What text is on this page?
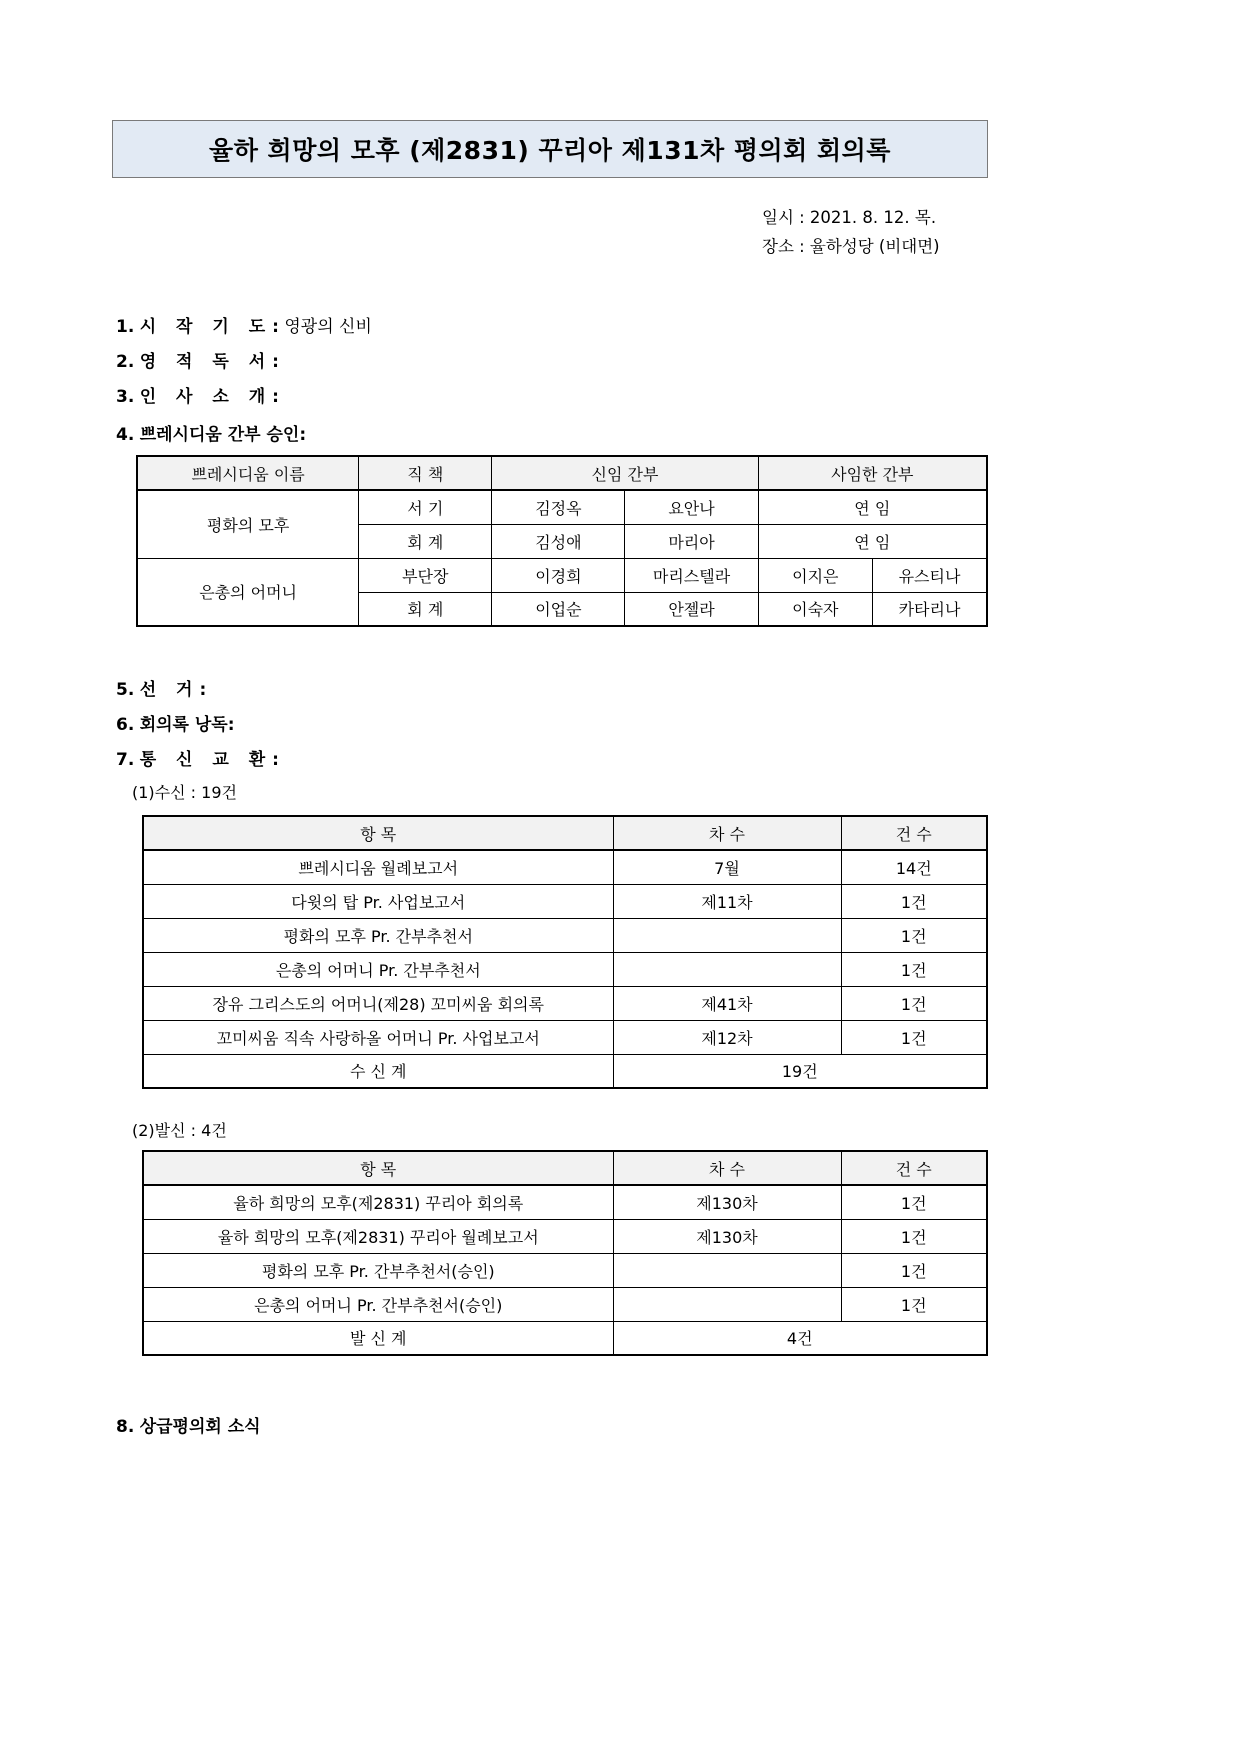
율하 희망의 모후 (제2831) 꾸리아 제131차 평의회 회의록
일시 : 2021. 8. 12. 목.
장소 : 율하성당 (비대면)
1. 시 작 기 도: 영광의 신비
2. 영 적 독 서:
3. 인 사 소 개:
4. 쁘레시디움 간부 승인:
쁘레시디움 이름	직 책	신임 간부		사임한 간부	
평화의 모후	서 기	김정옥	요안나	연 임	
	회 계	김성애	마리아	연 임	
은총의 어머니	부단장	이경희	마리스텔라	이지은	유스티나
	회 계	이업순	안젤라	이숙자	카타리나
5. 선 거:
6. 회의록 낭독:
7. 통 신 교 환:
(1)수신 : 19건
항 목	차 수	건 수
쁘레시디움 월례보고서	7월	14건
다윗의 탑 Pr. 사업보고서	제11차	1건
평화의 모후 Pr. 간부추천서		1건
은총의 어머니 Pr. 간부추천서		1건
장유 그리스도의 어머니(제28) 꼬미씨움 회의록	제41차	1건
꼬미씨움 직속 사랑하올 어머니 Pr. 사업보고서	제12차	1건
수 신 계	19건	
(2)발신 : 4건
항 목	차 수	건 수
율하 희망의 모후(제2831) 꾸리아 회의록	제130차	1건
율하 희망의 모후(제2831) 꾸리아 월례보고서	제130차	1건
평화의 모후 Pr. 간부추천서(승인)		1건
은총의 어머니 Pr. 간부추천서(승인)		1건
발 신 계	4건	
8. 상급평의회 소식
